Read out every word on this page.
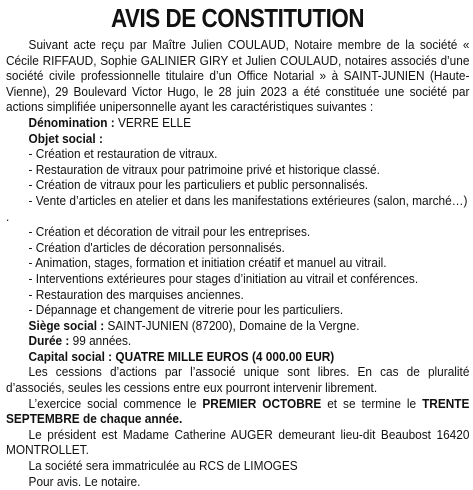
AVIS DE CONSTITUTION

Suivant acte reçu par Maître Julien COULAUD, Notaire membre de la société « Cécile RIFFAUD, Sophie GALINIER GIRY et Julien COULAUD, notaires associés d’une société civile professionnelle titulaire d’un Office Notarial » à SAINT-JUNIEN (Haute-Vienne), 29 Boulevard Victor Hugo, le 28 juin 2023 a été constituée une société par actions simplifiée unipersonnelle ayant les caractéristiques suivantes :

Dénomination : VERRE ELLE

Objet social :

- Création et restauration de vitraux.

- Restauration de vitraux pour patrimoine privé et historique classé.

- Création de vitraux pour les particuliers et public personnalisés.

- Vente d’articles en atelier et dans les manifestations extérieures (salon, marché…)

.

- Création et décoration de vitrail pour les entreprises.

- Création d'articles de décoration personnalisés.

- Animation, stages, formation et initiation créatif et manuel au vitrail.

- Interventions extérieures pour stages d’initiation au vitrail et conférences.

- Restauration des marquises anciennes.

- Dépannage et changement de vitrerie pour les particuliers.

Siège social : SAINT-JUNIEN (87200), Domaine de la Vergne.

Durée : 99 années.

Capital social : QUATRE MILLE EUROS (4 000.00 EUR)

Les cessions d’actions par l’associé unique sont libres. En cas de pluralité d’associés, seules les cessions entre eux pourront intervenir librement.

L’exercice social commence le PREMIER OCTOBRE et se termine le TRENTE SEPTEMBRE de chaque année.

Le président est Madame Catherine AUGER demeurant lieu-dit Beaubost 16420 MONTROLLET.

La société sera immatriculée au RCS de LIMOGES

Pour avis. Le notaire.
